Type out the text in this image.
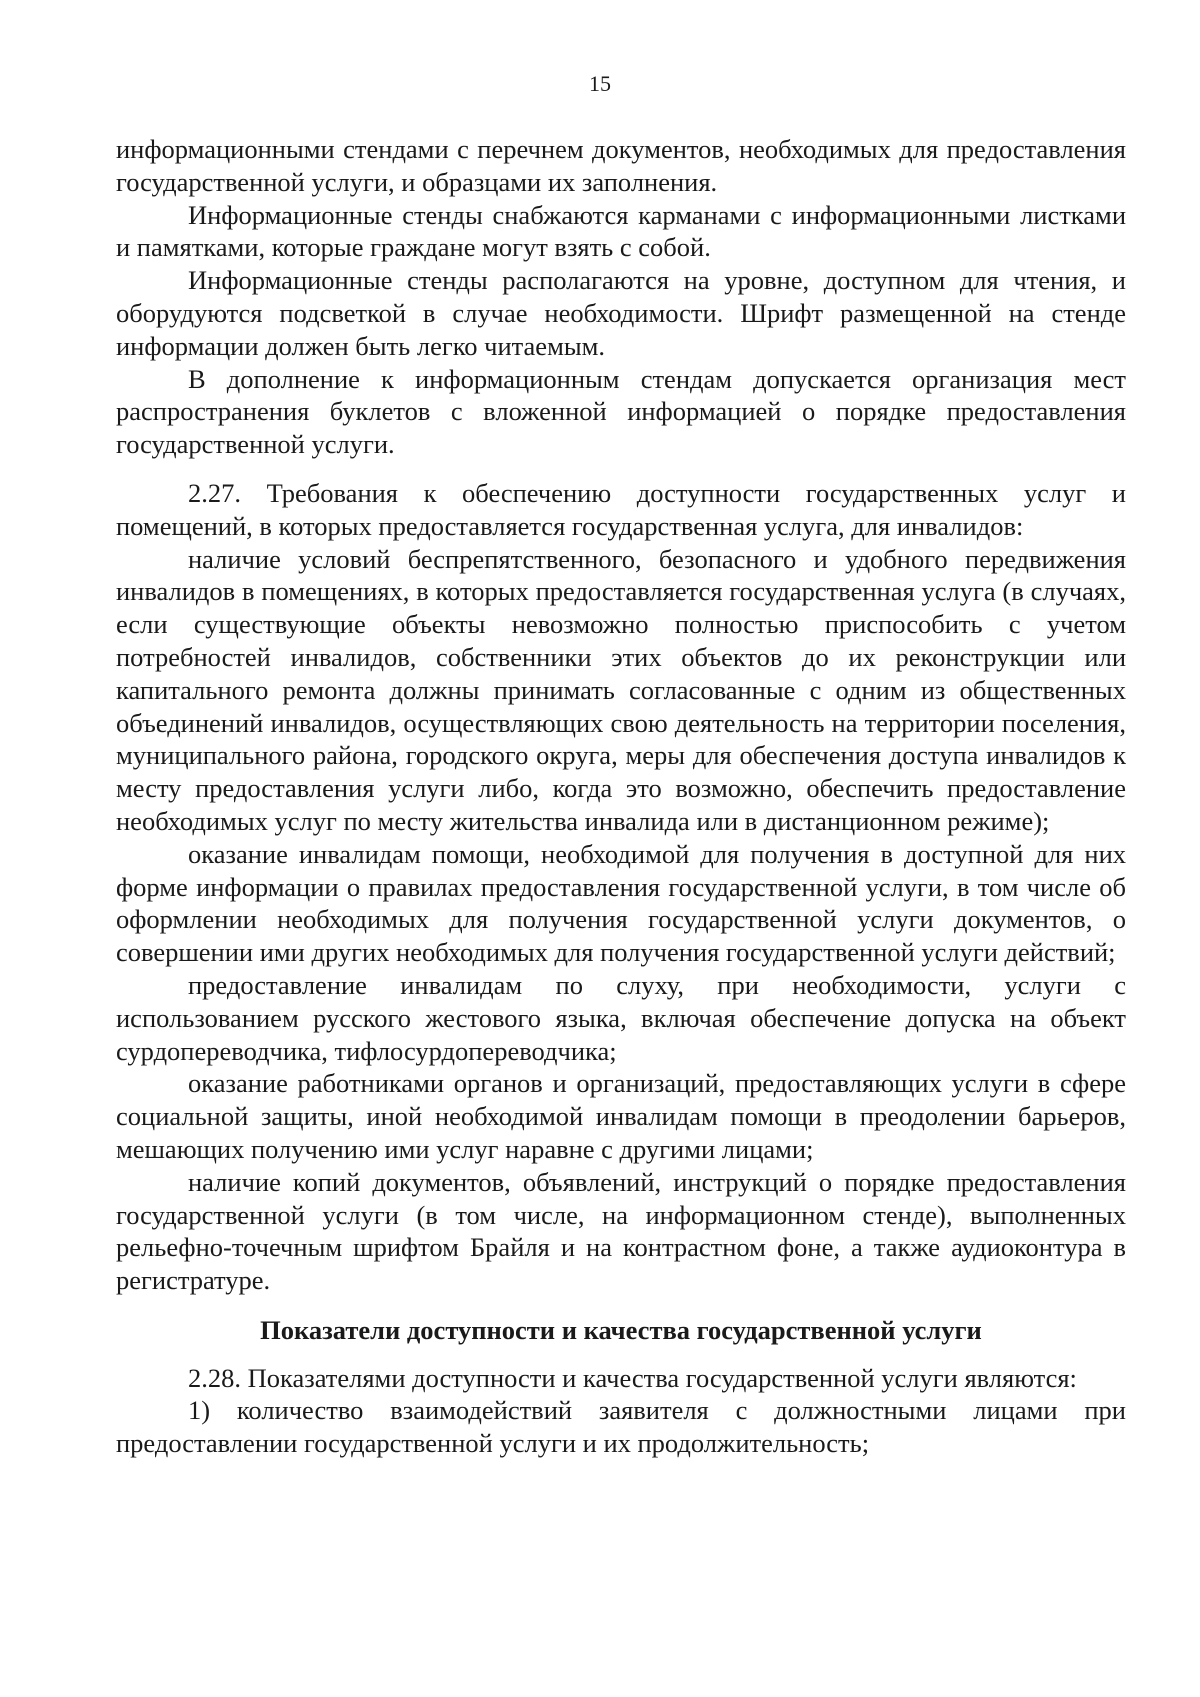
15

информационными стендами с перечнем документов, необходимых для предоставления государственной услуги, и образцами их заполнения.

Информационные стенды снабжаются карманами с информационными листками и памятками, которые граждане могут взять с собой.

Информационные стенды располагаются на уровне, доступном для чтения, и оборудуются подсветкой в случае необходимости. Шрифт размещенной на стенде информации должен быть легко читаемым.

В дополнение к информационным стендам допускается организация мест распространения буклетов с вложенной информацией о порядке предоставления государственной услуги.

2.27. Требования к обеспечению доступности государственных услуг и помещений, в которых предоставляется государственная услуга, для инвалидов:

наличие условий беспрепятственного, безопасного и удобного передвижения инвалидов в помещениях, в которых предоставляется государственная услуга (в случаях, если существующие объекты невозможно полностью приспособить с учетом потребностей инвалидов, собственники этих объектов до их реконструкции или капитального ремонта должны принимать согласованные с одним из общественных объединений инвалидов, осуществляющих свою деятельность на территории поселения, муниципального района, городского округа, меры для обеспечения доступа инвалидов к месту предоставления услуги либо, когда это возможно, обеспечить предоставление необходимых услуг по месту жительства инвалида или в дистанционном режиме);

оказание инвалидам помощи, необходимой для получения в доступной для них форме информации о правилах предоставления государственной услуги, в том числе об оформлении необходимых для получения государственной услуги документов, о совершении ими других необходимых для получения государственной услуги действий;

предоставление инвалидам по слуху, при необходимости, услуги с использованием русского жестового языка, включая обеспечение допуска на объект сурдопереводчика, тифлосурдопереводчика;

оказание работниками органов и организаций, предоставляющих услуги в сфере социальной защиты, иной необходимой инвалидам помощи в преодолении барьеров, мешающих получению ими услуг наравне с другими лицами;

наличие копий документов, объявлений, инструкций о порядке предоставления государственной услуги (в том числе, на информационном стенде), выполненных рельефно-точечным шрифтом Брайля и на контрастном фоне, а также аудиоконтура в регистратуре.

Показатели доступности и качества государственной услуги

2.28. Показателями доступности и качества государственной услуги являются:

1) количество взаимодействий заявителя с должностными лицами при предоставлении государственной услуги и их продолжительность;
